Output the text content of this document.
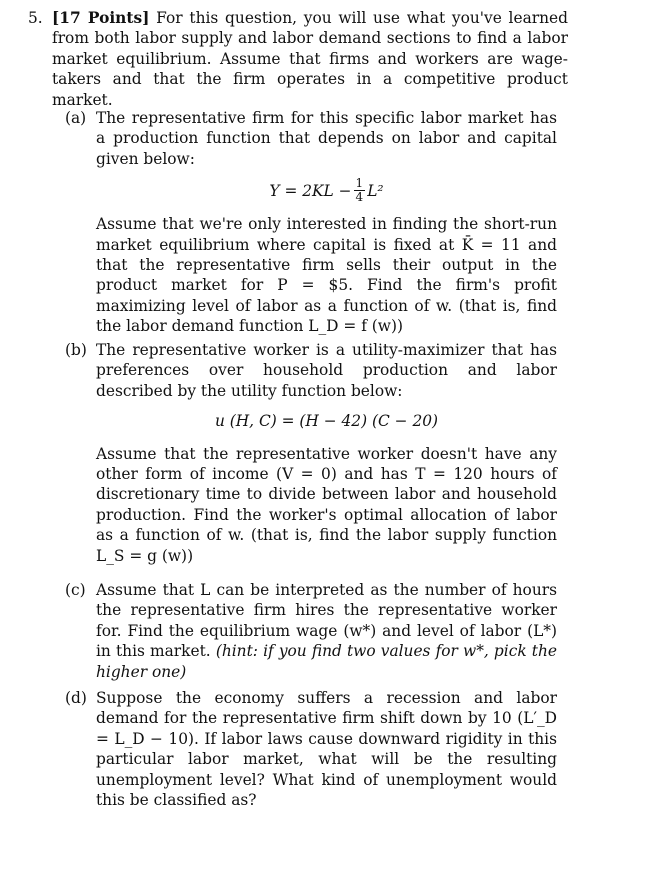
5. [17 Points] For this question, you will use what you've learned from both labor supply and labor demand sections to find a labor market equilibrium. Assume that firms and workers are wage-takers and that the firm operates in a competitive product market.
(a) The representative firm for this specific labor market has a production function that depends on labor and capital given below:
$Y = 2KL - \frac{1}{4} L^2$
Assume that we're only interested in finding the short-run market equilibrium where capital is fixed at K̄ = 11 and that the representative firm sells their output in the product market for P = $5. Find the firm's profit maximizing level of labor as a function of w. (that is, find the labor demand function L_D = f (w))
(b) The representative worker is a utility-maximizer that has preferences over household production and labor described by the utility function below:
u (H, C) = (H − 42) (C − 20)
Assume that the representative worker doesn't have any other form of income (V = 0) and has T = 120 hours of discretionary time to divide between labor and household production. Find the worker's optimal allocation of labor as a function of w. (that is, find the labor supply function L_S = g (w))
(c) Assume that L can be interpreted as the number of hours the representative firm hires the representative worker for. Find the equilibrium wage (w*) and level of labor (L*) in this market. (hint: if you find two values for w*, pick the higher one)
(d) Suppose the economy suffers a recession and labor demand for the representative firm shift down by 10 (L′_D = L_D − 10). If labor laws cause downward rigidity in this particular labor market, what will be the resulting unemployment level? What kind of unemployment would this be classified as?
